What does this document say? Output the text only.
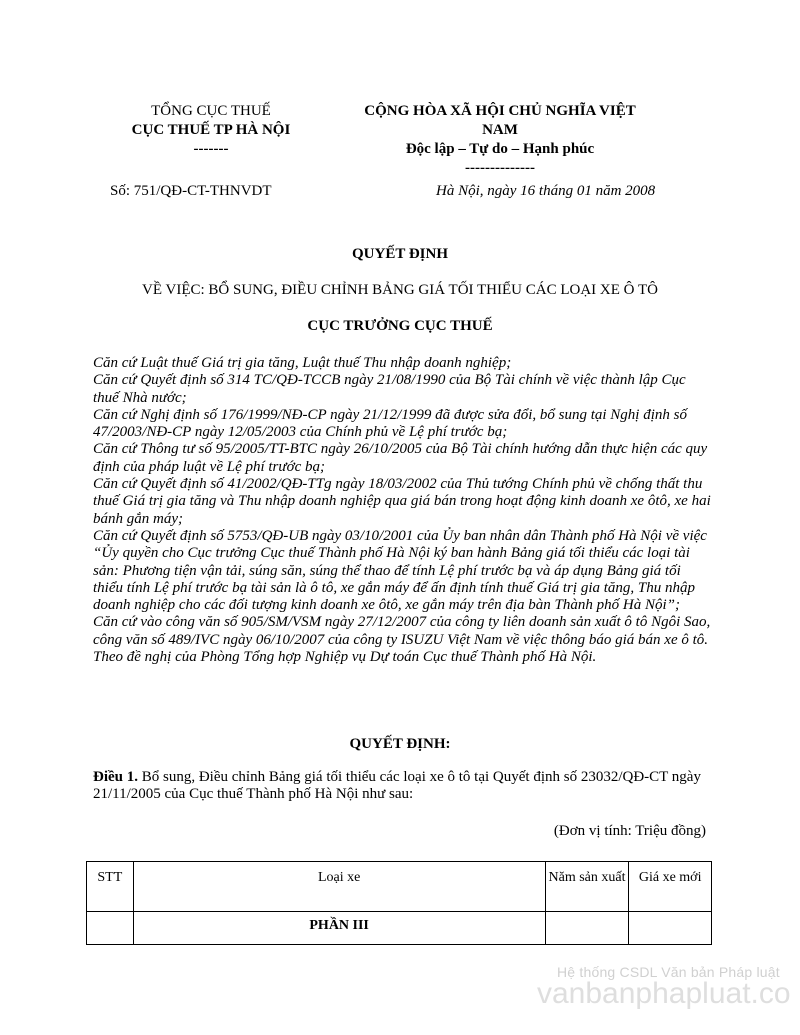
TỔNG CỤC THUẾ
CỤC THUẾ TP HÀ NỘI
-------
CỘNG HÒA XÃ HỘI CHỦ NGHĨA VIỆT
NAM
Độc lập – Tự do – Hạnh phúc
--------------
Số: 751/QĐ-CT-THNVDT	Hà Nội, ngày 16 tháng 01 năm 2008
QUYẾT ĐỊNH
VỀ VIỆC: BỔ SUNG, ĐIỀU CHỈNH BẢNG GIÁ TỐI THIỂU CÁC LOẠI XE Ô TÔ
CỤC TRƯỞNG CỤC THUẾ

Căn cứ Luật thuế Giá trị gia tăng, Luật thuế Thu nhập doanh nghiệp;

Căn cứ Quyết định số 314 TC/QĐ-TCCB ngày 21/08/1990 của Bộ Tài chính về việc thành lập Cục thuế Nhà nước;

Căn cứ Nghị định số 176/1999/NĐ-CP ngày 21/12/1999 đã được sửa đổi, bổ sung tại Nghị định số 47/2003/NĐ-CP ngày 12/05/2003 của Chính phủ về Lệ phí trước bạ;

Căn cứ Thông tư số 95/2005/TT-BTC ngày 26/10/2005 của Bộ Tài chính hướng dẫn thực hiện các quy định của pháp luật về Lệ phí trước bạ;

Căn cứ Quyết định số 41/2002/QĐ-TTg ngày 18/03/2002 của Thủ tướng Chính phủ về chống thất thu thuế Giá trị gia tăng và Thu nhập doanh nghiệp qua giá bán trong hoạt động kinh doanh xe ôtô, xe hai bánh gắn máy;

Căn cứ Quyết định số 5753/QĐ-UB ngày 03/10/2001 của Ủy ban nhân dân Thành phố Hà Nội về việc “Ủy quyền cho Cục trưởng Cục thuế Thành phố Hà Nội ký ban hành Bảng giá tối thiểu các loại tài sản: Phương tiện vận tải, súng săn, súng thể thao để tính Lệ phí trước bạ và áp dụng Bảng giá tối thiểu tính Lệ phí trước bạ tài sản là ô tô, xe gắn máy để ấn định tính thuế Giá trị gia tăng, Thu nhập doanh nghiệp cho các đối tượng kinh doanh xe ôtô, xe gắn máy trên địa bàn Thành phố Hà Nội”;

Căn cứ vào công văn số 905/SM/VSM ngày 27/12/2007 của công ty liên doanh sản xuất ô tô Ngôi Sao, công văn số 489/IVC ngày 06/10/2007 của công ty ISUZU Việt Nam về việc thông báo giá bán xe ô tô.

Theo đề nghị của Phòng Tổng hợp Nghiệp vụ Dự toán Cục thuế Thành phố Hà Nội.

QUYẾT ĐỊNH:
Điều 1. Bổ sung, Điều chỉnh Bảng giá tối thiểu các loại xe ô tô tại Quyết định số 23032/QĐ-CT ngày 21/11/2005 của Cục thuế Thành phố Hà Nội như sau:
(Đơn vị tính: Triệu đồng)
STT	Loại xe	Năm sản xuất	Giá xe mới
	PHẦN III		
Hệ thống CSDL Văn bản Pháp luật
vanbanphapluat.co
